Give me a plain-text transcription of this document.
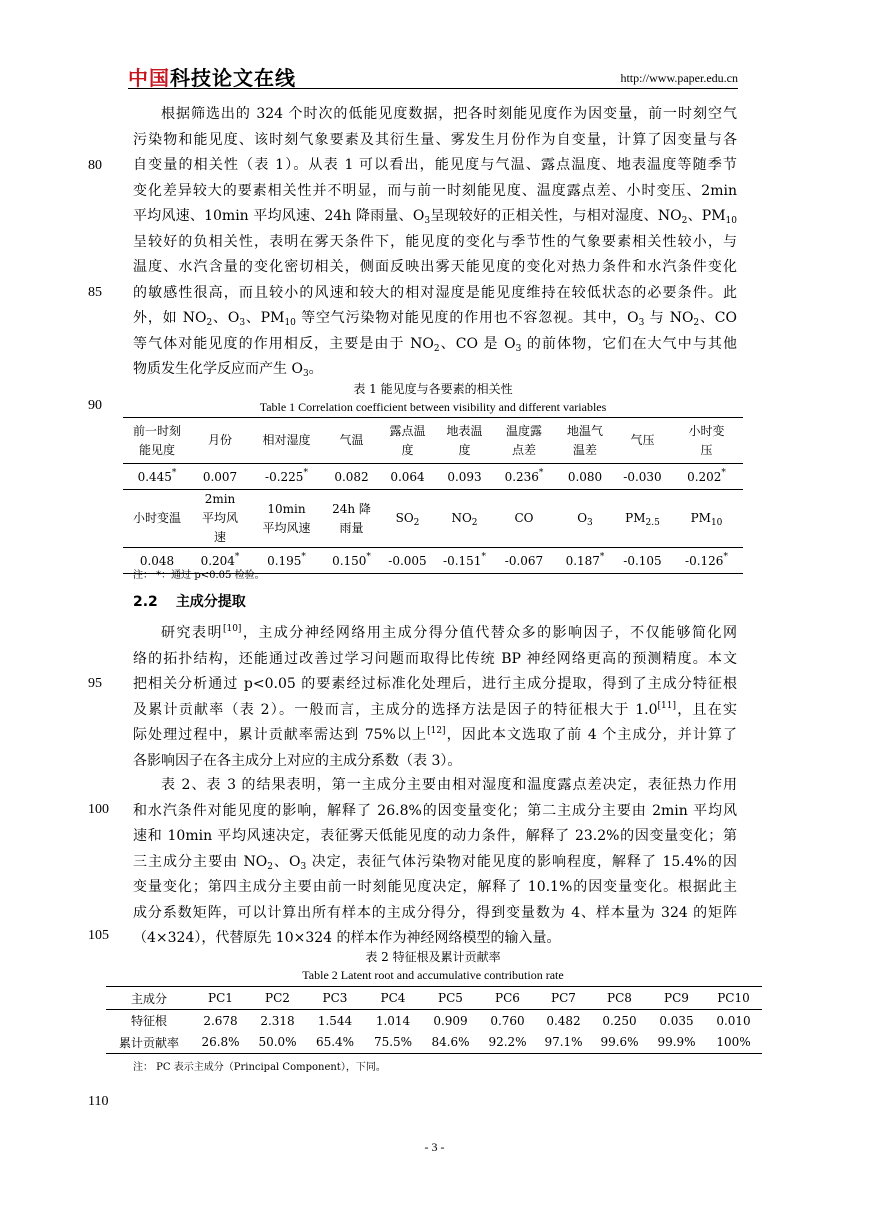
中国科技论文在线	http://www.paper.edu.cn
80
85
90
95
100
105
110
根据筛选出的 324 个时次的低能见度数据，把各时刻能见度作为因变量，前一时刻空气
污染物和能见度、该时刻气象要素及其衍生量、雾发生月份作为自变量，计算了因变量与各
自变量的相关性（表 1）。从表 1 可以看出，能见度与气温、露点温度、地表温度等随季节
变化差异较大的要素相关性并不明显，而与前一时刻能见度、温度露点差、小时变压、2min
平均风速、10min 平均风速、24h 降雨量、$O_3$呈现较好的正相关性，与相对湿度、$NO_2$、$PM_{10}$
呈较好的负相关性，表明在雾天条件下，能见度的变化与季节性的气象要素相关性较小，与
温度、水汽含量的变化密切相关，侧面反映出雾天能见度的变化对热力条件和水汽条件变化
的敏感性很高，而且较小的风速和较大的相对湿度是能见度维持在较低状态的必要条件。此
外，如 $NO_2$、$O_3$、$PM_{10}$ 等空气污染物对能见度的作用也不容忽视。其中，$O_3$ 与 $NO_2$、CO
等气体对能见度的作用相反，主要是由于 $NO_2$、CO 是 $O_3$ 的前体物，它们在大气中与其他
物质发生化学反应而产生 $O_3$。
表 1 能见度与各要素的相关性
Table 1 Correlation coefficient between visibility and different variables
前一时刻能见度	月份	相对湿度	气温	露点温度	地表温度	温度露点差	地温气温差	气压	小时变压
0.445*	0.007	-0.225*	0.082	0.064	0.093	0.236*	0.080	-0.030	0.202*
小时变温	2min 平均风速	10min 平均风速	24h 降雨量	$SO_2$	$NO_2$	CO	$O_3$	$PM_{2.5}$	$PM_{10}$
0.048	0.204*	0.195*	0.150*	-0.005	-0.151*	-0.067	0.187*	-0.105	-0.126*
注： *：通过 p<0.05 检验。
2.2 主成分提取
研究表明[10]，主成分神经网络用主成分得分值代替众多的影响因子，不仅能够简化网
络的拓扑结构，还能通过改善过学习问题而取得比传统 BP 神经网络更高的预测精度。本文
把相关分析通过 p<0.05 的要素经过标准化处理后，进行主成分提取，得到了主成分特征根
及累计贡献率（表 2）。一般而言，主成分的选择方法是因子的特征根大于 1.0[11]，且在实
际处理过程中，累计贡献率需达到 75%以上[12]，因此本文选取了前 4 个主成分，并计算了
各影响因子在各主成分上对应的主成分系数（表 3）。
表 2、表 3 的结果表明，第一主成分主要由相对湿度和温度露点差决定，表征热力作用
和水汽条件对能见度的影响，解释了 26.8%的因变量变化；第二主成分主要由 2min 平均风
速和 10min 平均风速决定，表征雾天低能见度的动力条件，解释了 23.2%的因变量变化；第
三主成分主要由 $NO_2$、$O_3$ 决定，表征气体污染物对能见度的影响程度，解释了 15.4%的因
变量变化；第四主成分主要由前一时刻能见度决定，解释了 10.1%的因变量变化。根据此主
成分系数矩阵，可以计算出所有样本的主成分得分，得到变量数为 4、样本量为 324 的矩阵
（4×324），代替原先 10×324 的样本作为神经网络模型的输入量。
表 2 特征根及累计贡献率
Table 2 Latent root and accumulative contribution rate
主成分	PC1	PC2	PC3	PC4	PC5	PC6	PC7	PC8	PC9	PC10
特征根	2.678	2.318	1.544	1.014	0.909	0.760	0.482	0.250	0.035	0.010
累计贡献率	26.8%	50.0%	65.4%	75.5%	84.6%	92.2%	97.1%	99.6%	99.9%	100%
注： PC 表示主成分（Principal Component），下同。
- 3 -
